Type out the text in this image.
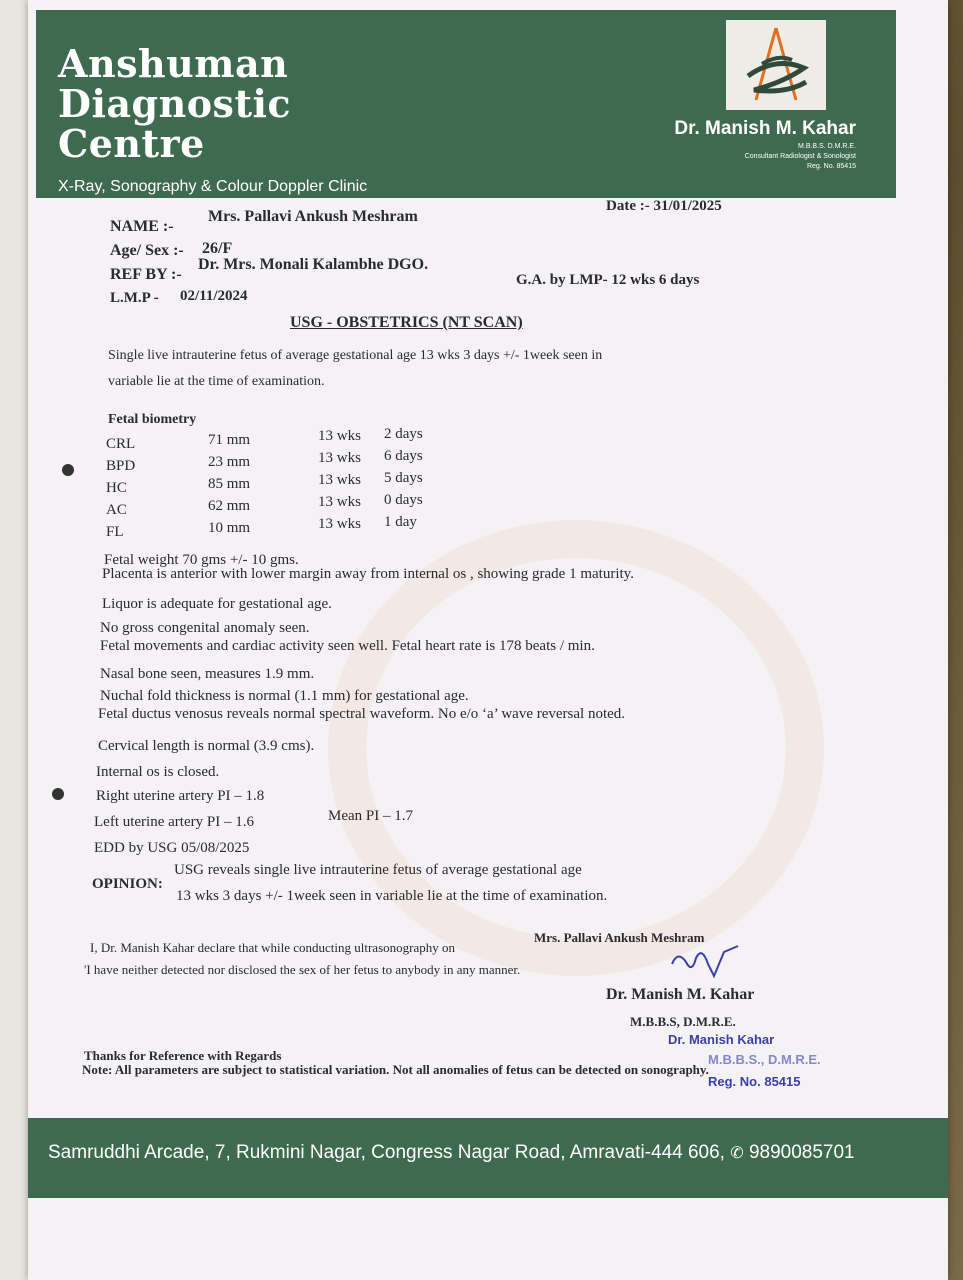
Anshuman
Diagnostic
Centre
X-Ray, Sonography & Colour Doppler Clinic
Dr. Manish M. Kahar
M.B.B.S. D.M.R.E.
Consultant Radiologist & Sonologist
Reg. No. 85415
NAME :-
Mrs. Pallavi Ankush Meshram
Date :- 31/01/2025
Age/ Sex :- 26/F
REF BY :-
Dr. Mrs. Monali Kalambhe DGO.
L.M.P - 02/11/2024
G.A. by LMP- 12 wks 6 days
USG - OBSTETRICS (NT SCAN)
Single live intrauterine fetus of average gestational age 13 wks 3 days +/- 1week seen in
variable lie at the time of examination.
Fetal biometry
CRL	71 mm	13 wks 2 days
BPD	23 mm	13 wks 6 days
HC	85 mm	13 wks 5 days
AC	62 mm	13 wks 0 days
FL	10 mm	13 wks 1 day
Fetal weight 70 gms +/- 10 gms.
Placenta is anterior with lower margin away from internal os , showing grade 1 maturity.
Liquor is adequate for gestational age.
No gross congenital anomaly seen.
Fetal movements and cardiac activity seen well. Fetal heart rate is 178 beats / min.
Nasal bone seen, measures 1.9 mm.
Nuchal fold thickness is normal (1.1 mm) for gestational age.
Fetal ductus venosus reveals normal spectral waveform. No e/o ‘a’ wave reversal noted.
Cervical length is normal (3.9 cms).
Internal os is closed.
Right uterine artery PI – 1.8
Left uterine artery PI – 1.6
EDD by USG 05/08/2025
Mean PI – 1.7
OPINION:
USG reveals single live intrauterine fetus of average gestational age
13 wks 3 days +/- 1week seen in variable lie at the time of examination.
I, Dr. Manish Kahar declare that while conducting ultrasonography on
Mrs. Pallavi Ankush Meshram
'I have neither detected nor disclosed the sex of her fetus to anybody in any manner.
Dr. Manish M. Kahar
M.B.B.S, D.M.R.E.
Dr. Manish Kahar
M.B.B.S., D.M.R.E.
Reg. No. 85415
Thanks for Reference with Regards
Note: All parameters are subject to statistical variation. Not all anomalies of fetus can be detected on sonography.
Samruddhi Arcade, 7, Rukmini Nagar, Congress Nagar Road, Amravati-444 606, ✆ 9890085701
